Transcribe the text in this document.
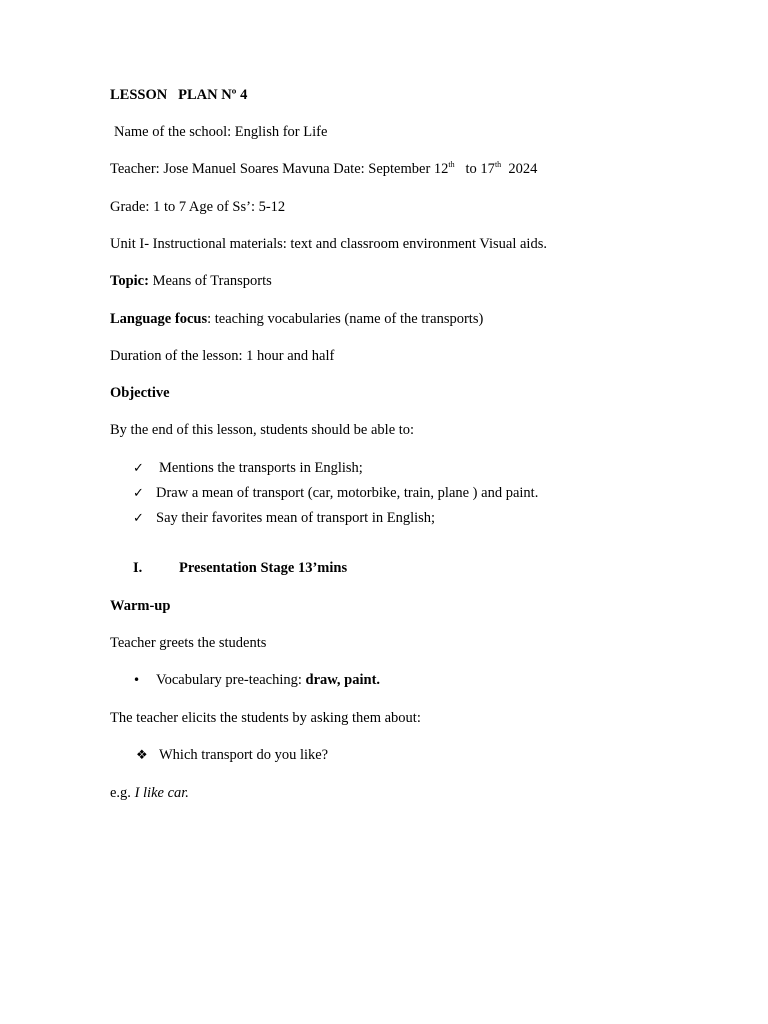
LESSON PLAN Nº 4
Name of the school: English for Life
Teacher: Jose Manuel Soares Mavuna Date: September 12th to 17th 2024
Grade: 1 to 7 Age of Ss’: 5-12
Unit I- Instructional materials: text and classroom environment Visual aids.
Topic: Means of Transports
Language focus: teaching vocabularies (name of the transports)
Duration of the lesson: 1 hour and half
Objective
By the end of this lesson, students should be able to:
✓ Mentions the transports in English;
✓ Draw a mean of transport (car, motorbike, train, plane ) and paint.
✓ Say their favorites mean of transport in English;
I.	Presentation Stage 13’mins
Warm-up
Teacher greets the students
• Vocabulary pre-teaching: draw, paint.
The teacher elicits the students by asking them about:
❖ Which transport do you like?
e.g. I like car.
